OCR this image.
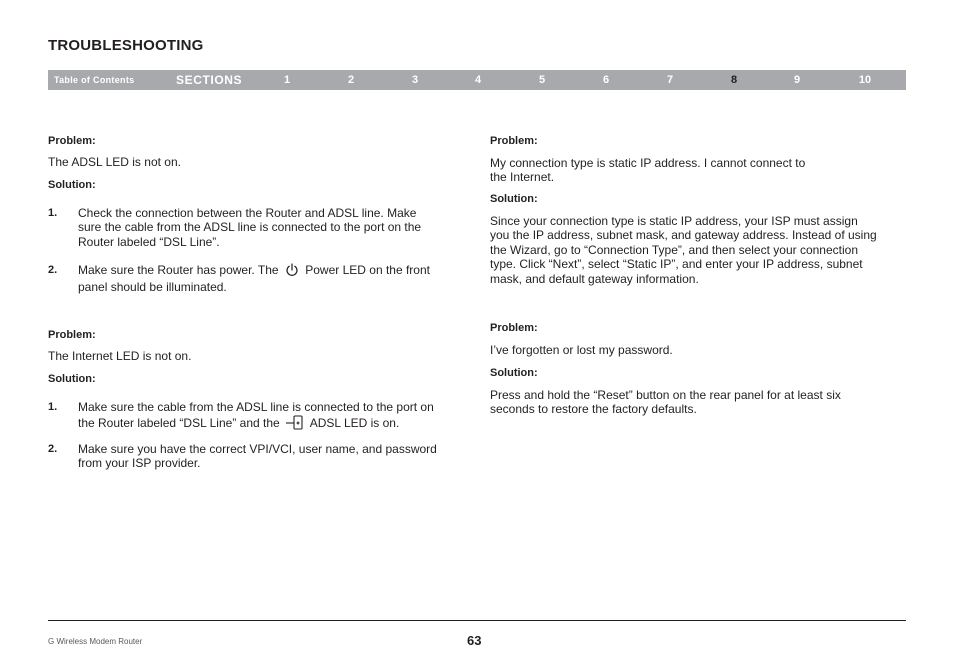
TROUBLESHOOTING
Table of Contents	SECTIONS	1	2	3	4	5	6	7	8	9	10
Problem:
The ADSL LED is not on.
Solution:
1. Check the connection between the Router and ADSL line. Make
sure the cable from the ADSL line is connected to the port on the
Router labeled “DSL Line”.
2. Make sure the Router has power. The Power LED on the front
panel should be illuminated.
Problem:
The Internet LED is not on.
Solution:
1. Make sure the cable from the ADSL line is connected to the port on
the Router labeled “DSL Line” and the	ADSL LED is on.
2. Make sure you have the correct VPI/VCI, user name, and password
from your ISP provider.
Problem:
My connection type is static IP address. I cannot connect to
the Internet.
Solution:
Since your connection type is static IP address, your ISP must assign
you the IP address, subnet mask, and gateway address. Instead of using
the Wizard, go to “Connection Type”, and then select your connection
type. Click “Next”, select “Static IP”, and enter your IP address, subnet
mask, and default gateway information.
Problem:
I’ve forgotten or lost my password.
Solution:
Press and hold the “Reset” button on the rear panel for at least six
seconds to restore the factory defaults.
G Wireless Modem Router	63
